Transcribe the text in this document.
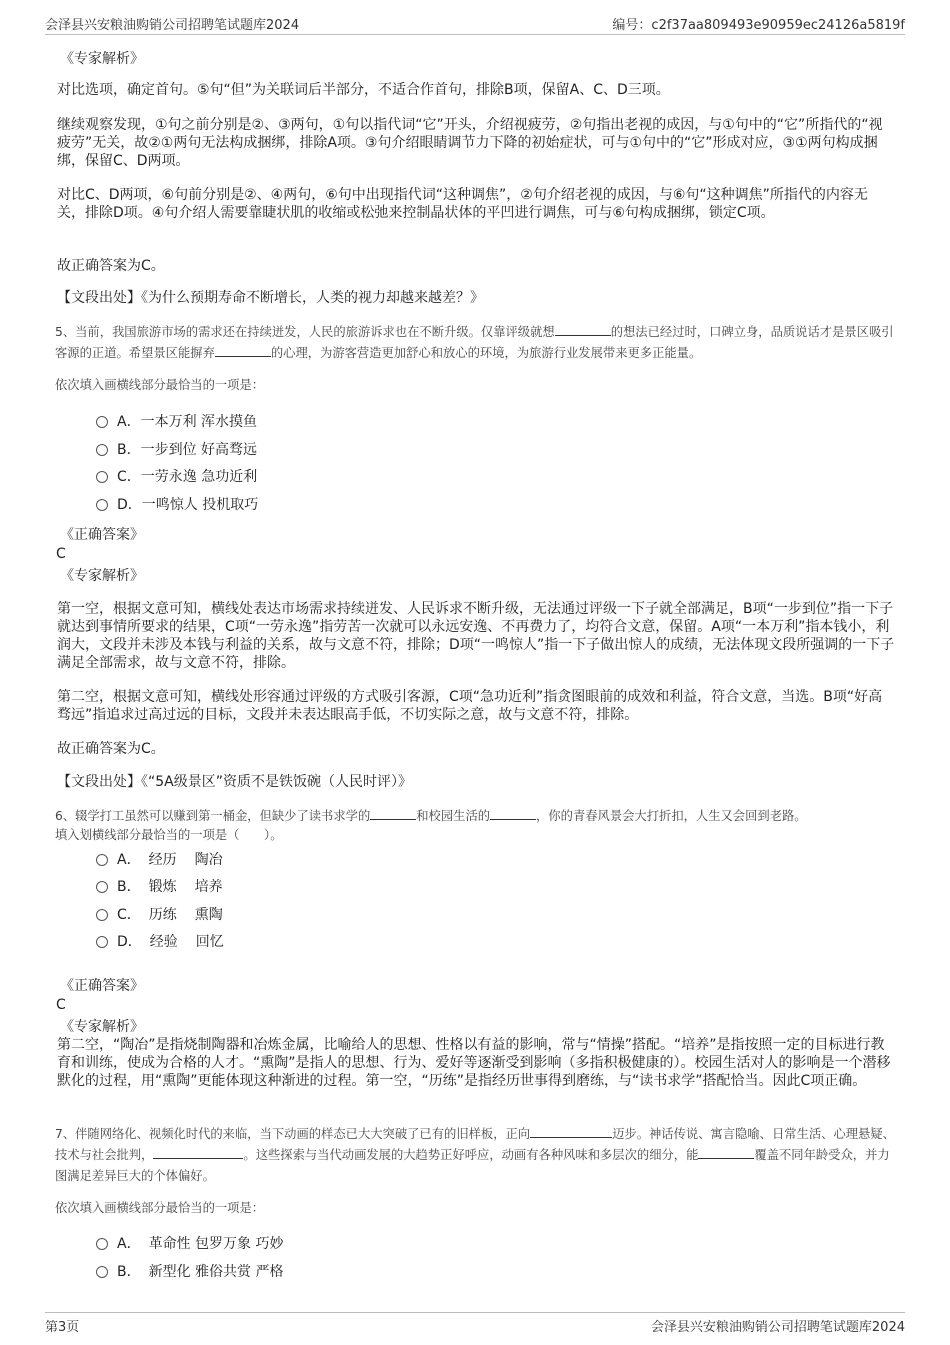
会泽县兴安粮油购销公司招聘笔试题库2024	编号：c2f37aa809493e90959ec24126a5819f

《专家解析》

对比选项，确定首句。⑤句“但”为关联词后半部分，不适合作首句，排除B项，保留A、C、D三项。

继续观察发现，①句之前分别是②、③两句，①句以指代词“它”开头，介绍视疲劳，②句指出老视的成因，与①句中的“它”所指代的“视疲劳”无关，故②①两句无法构成捆绑，排除A项。③句介绍眼睛调节力下降的初始症状，可与①句中的“它”形成对应，③①两句构成捆绑，保留C、D两项。

对比C、D两项，⑥句前分别是②、④两句，⑥句中出现指代词“这种调焦”，②句介绍老视的成因，与⑥句“这种调焦”所指代的内容无关，排除D项。④句介绍人需要靠睫状肌的收缩或松弛来控制晶状体的平凹进行调焦，可与⑥句构成捆绑，锁定C项。

故正确答案为C。

【文段出处】《为什么预期寿命不断增长，人类的视力却越来越差？》

5、当前，我国旅游市场的需求还在持续迸发，人民的旅游诉求也在不断升级。仅靠评级就想	的想法已经过时，口碑立身，品质说话才是景区吸引客源的正道。希望景区能摒弃	的心理，为游客营造更加舒心和放心的环境，为旅游行业发展带来更多正能量。

依次填入画横线部分最恰当的一项是：

A．一本万利 浑水摸鱼
B．一步到位 好高骛远
C．一劳永逸 急功近利
D．一鸣惊人 投机取巧

《正确答案》

C

《专家解析》

第一空，根据文意可知，横线处表达市场需求持续迸发、人民诉求不断升级，无法通过评级一下子就全部满足，B项“一步到位”指一下子就达到事情所要求的结果，C项“一劳永逸”指劳苦一次就可以永远安逸、不再费力了，均符合文意，保留。A项“一本万利”指本钱小，利润大，文段并未涉及本钱与利益的关系，故与文意不符，排除；D项“一鸣惊人”指一下子做出惊人的成绩，无法体现文段所强调的一下子满足全部需求，故与文意不符，排除。

第二空，根据文意可知，横线处形容通过评级的方式吸引客源，C项“急功近利”指贪图眼前的成效和利益，符合文意，当选。B项“好高骛远”指追求过高过远的目标，文段并未表达眼高手低，不切实际之意，故与文意不符，排除。

故正确答案为C。

【文段出处】《“5A级景区”资质不是铁饭碗（人民时评）》

6、辍学打工虽然可以赚到第一桶金，但缺少了读书求学的	和校园生活的	，你的青春风景会大打折扣，人生又会回到老路。

填入划横线部分最恰当的一项是（　　）。

A． 经历 陶冶
B． 锻炼 培养
C． 历练 熏陶
D． 经验 回忆

《正确答案》

C

《专家解析》

第二空，“陶冶”是指烧制陶器和冶炼金属，比喻给人的思想、性格以有益的影响，常与“情操”搭配。“培养”是指按照一定的目标进行教育和训练，使成为合格的人才。“熏陶”是指人的思想、行为、爱好等逐渐受到影响（多指积极健康的）。校园生活对人的影响是一个潜移默化的过程，用“熏陶”更能体现这种渐进的过程。第一空，“历练”是指经历世事得到磨练，与“读书求学”搭配恰当。因此C项正确。

7、伴随网络化、视频化时代的来临，当下动画的样态已大大突破了已有的旧样板，正向	迈步。神话传说、寓言隐喻、日常生活、心理悬疑、技术与社会批判，	。这些探索与当代动画发展的大趋势正好呼应，动画有各种风味和多层次的细分，能	覆盖不同年龄受众，并力图满足差异巨大的个体偏好。

依次填入画横线部分最恰当的一项是：

A． 革命性 包罗万象 巧妙
B． 新型化 雅俗共赏 严格
第3页	会泽县兴安粮油购销公司招聘笔试题库2024
